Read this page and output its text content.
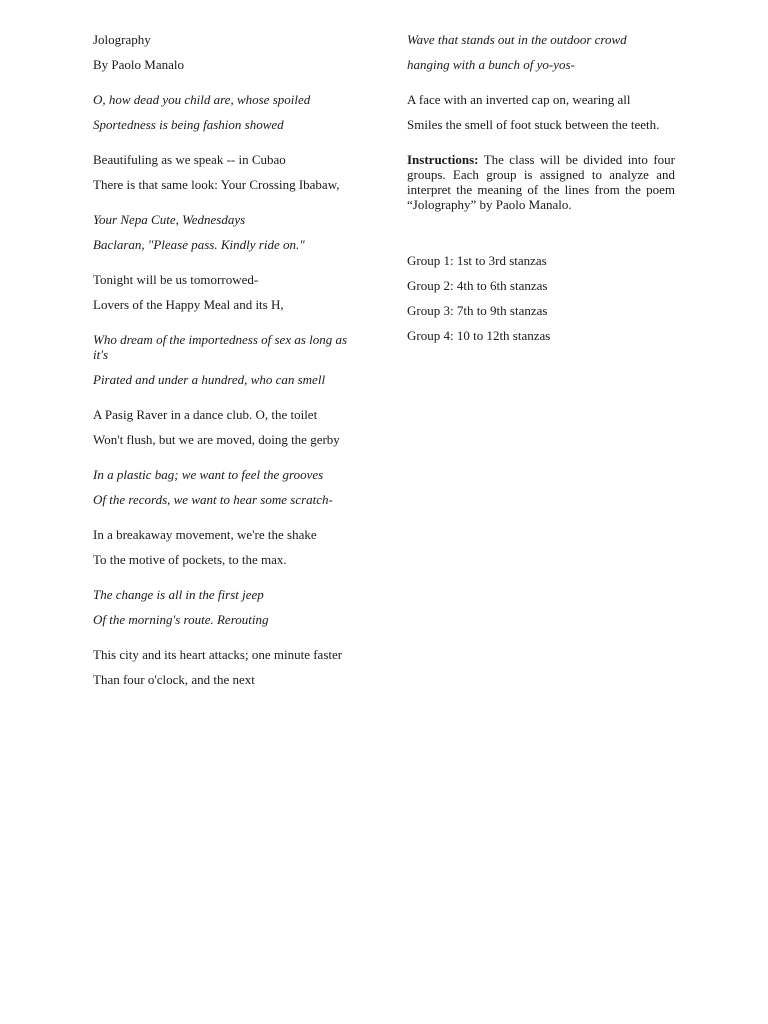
Jolography

By Paolo Manalo

O, how dead you child are, whose spoiled

Sportedness is being fashion showed

Beautifuling as we speak -- in Cubao

There is that same look: Your Crossing Ibabaw,

Your Nepa Cute, Wednesdays

Baclaran, "Please pass. Kindly ride on."

Tonight will be us tomorrowed-

Lovers of the Happy Meal and its H,

Who dream of the importedness of sex as long as it's

Pirated and under a hundred, who can smell

A Pasig Raver in a dance club. O, the toilet

Won't flush, but we are moved, doing the gerby

In a plastic bag; we want to feel the grooves

Of the records, we want to hear some scratch-

In a breakaway movement, we're the shake

To the motive of pockets, to the max.

The change is all in the first jeep

Of the morning's route. Rerouting

This city and its heart attacks; one minute faster

Than four o'clock, and the next

Wave that stands out in the outdoor crowd

hanging with a bunch of yo-yos-

A face with an inverted cap on, wearing all

Smiles the smell of foot stuck between the teeth.

Instructions: The class will be divided into four groups. Each group is assigned to analyze and interpret the meaning of the lines from the poem “Jolography” by Paolo Manalo.

Group 1: 1st to 3rd stanzas

Group 2: 4th to 6th stanzas

Group 3: 7th to 9th stanzas

Group 4: 10 to 12th stanzas
